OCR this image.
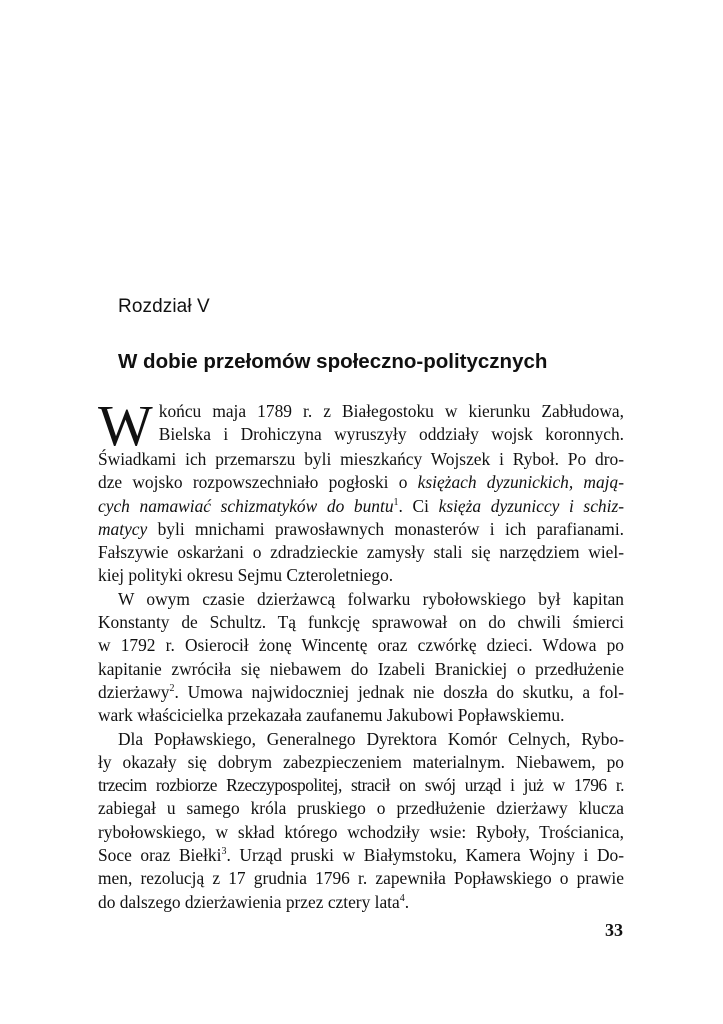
Rozdział V
W dobie przełomów społeczno-politycznych

W końcu maja 1789 r. z Białegostoku w kierunku Zabłudowa,
Bielska i Drohiczyna wyruszyły oddziały wojsk koronnych.
Świadkami ich przemarszu byli mieszkańcy Wojszek i Ryboł. Po dro-
dze wojsko rozpowszechniało pogłoski o księżach dyzunickich, mają-
cych namawiać schizmatyków do buntu$^1$. Ci księża dyzuniccy i schiz-
matycy byli mnichami prawosławnych monasterów i ich parafianami.
Fałszywie oskarżani o zdradzieckie zamysły stali się narzędziem wiel-
kiej polityki okresu Sejmu Czteroletniego.

W owym czasie dzierżawcą folwarku rybołowskiego był kapitan
Konstanty de Schultz. Tą funkcję sprawował on do chwili śmierci
w 1792 r. Osierocił żonę Wincentę oraz czwórkę dzieci. Wdowa po
kapitanie zwróciła się niebawem do Izabeli Branickiej o przedłużenie
dzierżawy$^2$. Umowa najwidoczniej jednak nie doszła do skutku, a fol-
wark właścicielka przekazała zaufanemu Jakubowi Popławskiemu.

Dla Popławskiego, Generalnego Dyrektora Komór Celnych, Rybo-
ły okazały się dobrym zabezpieczeniem materialnym. Niebawem, po
trzecim rozbiorze Rzeczypospolitej, stracił on swój urząd i już w 1796 r.
zabiegał u samego króla pruskiego o przedłużenie dzierżawy klucza
rybołowskiego, w skład którego wchodziły wsie: Ryboły, Trościanica,
Soce oraz Biełki$^3$. Urząd pruski w Białymstoku, Kamera Wojny i Do-
men, rezolucją z 17 grudnia 1796 r. zapewniła Popławskiego o prawie
do dalszego dzierżawienia przez cztery lata$^4$.

33
